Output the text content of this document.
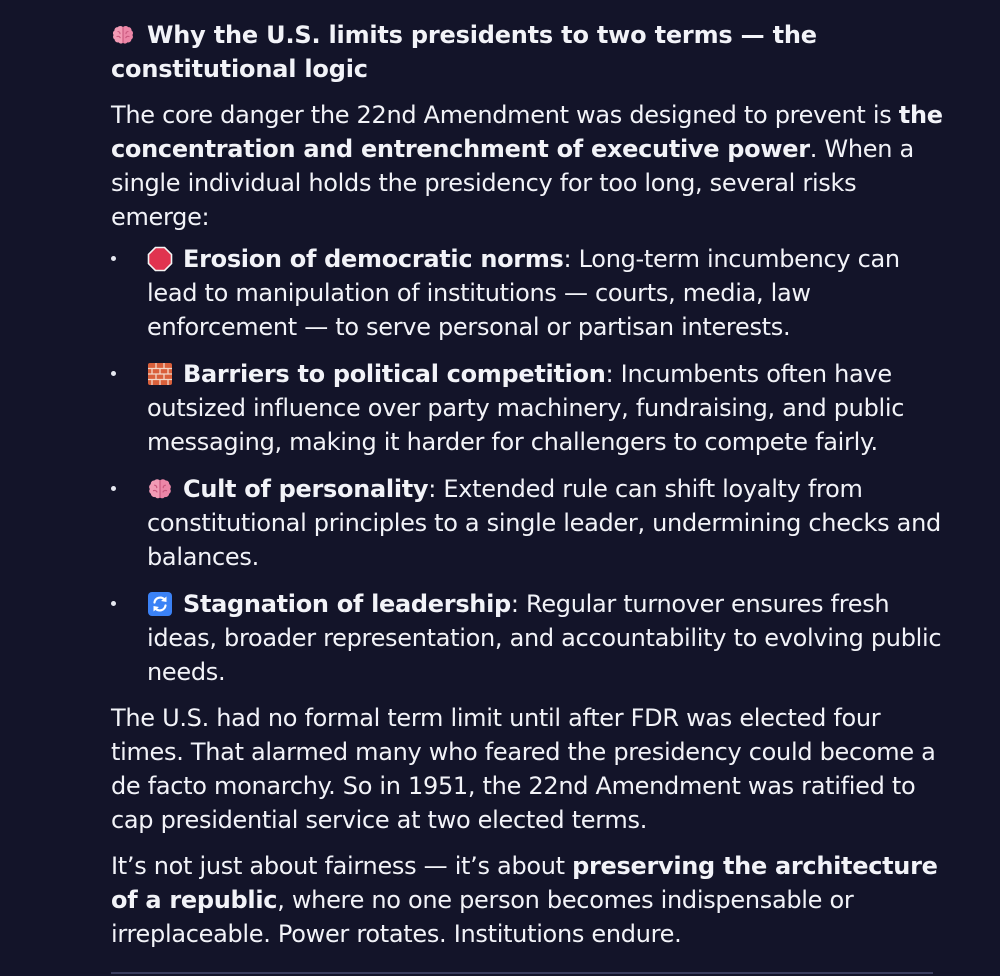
Why the U.S. limits presidents to two terms — the constitutional logic

The core danger the 22nd Amendment was designed to prevent is the concentration and entrenchment of executive power. When a single individual holds the presidency for too long, several risks emerge:

Erosion of democratic norms: Long-term incumbency can lead to manipulation of institutions — courts, media, law enforcement — to serve personal or partisan interests.
Barriers to political competition: Incumbents often have outsized influence over party machinery, fundraising, and public messaging, making it harder for challengers to compete fairly.
Cult of personality: Extended rule can shift loyalty from constitutional principles to a single leader, undermining checks and balances.
Stagnation of leadership: Regular turnover ensures fresh ideas, broader representation, and accountability to evolving public needs.

The U.S. had no formal term limit until after FDR was elected four times. That alarmed many who feared the presidency could become a de facto monarchy. So in 1951, the 22nd Amendment was ratified to cap presidential service at two elected terms.

It’s not just about fairness — it’s about preserving the architecture of a republic, where no one person becomes indispensable or irreplaceable. Power rotates. Institutions endure.
